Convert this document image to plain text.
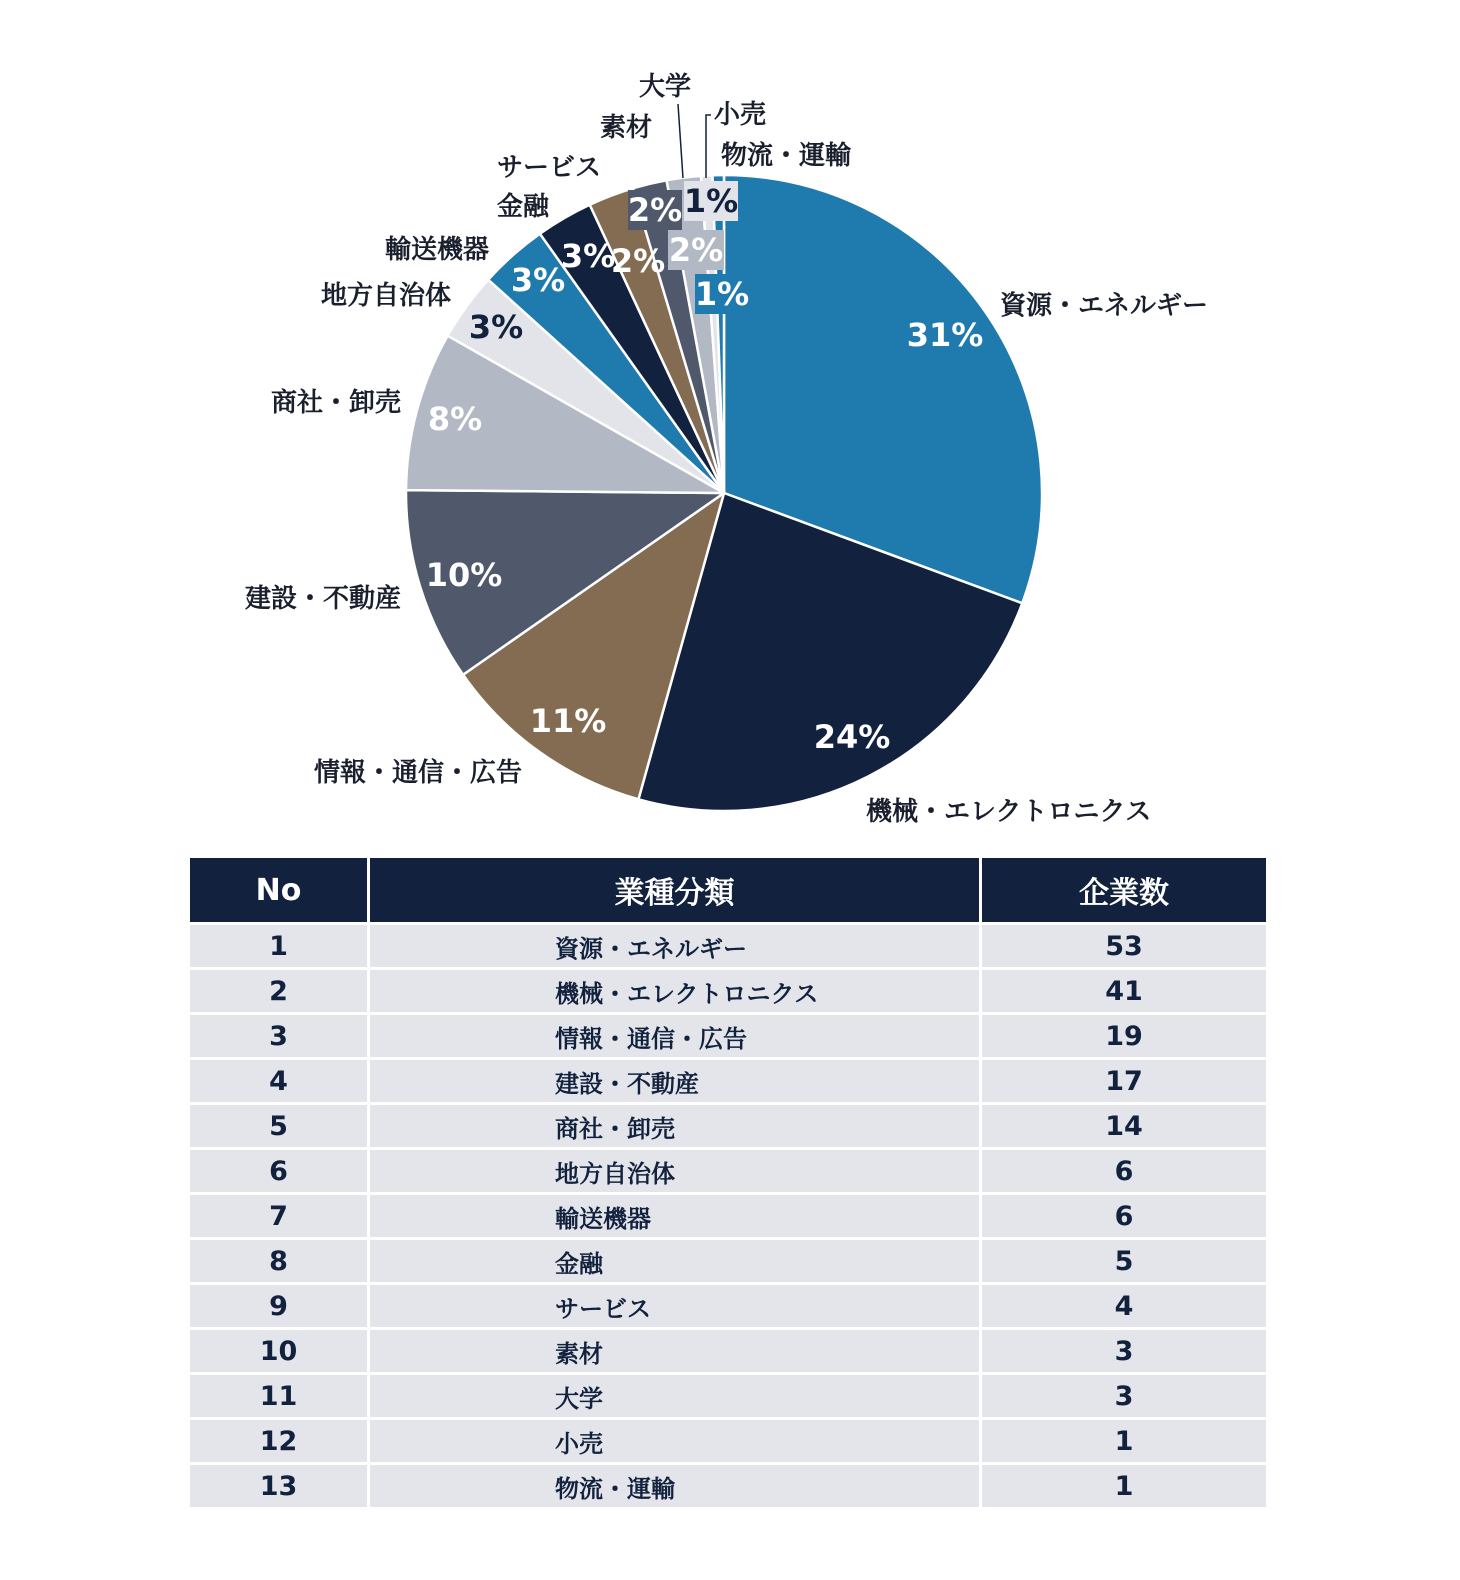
資源・エネルギー
31%
機械・エレクトロニクス
24%
情報・通信・広告
11%
建設・不動産
10%
商社・卸売 8%
地方自治体
3%
輸送機器
3%
金融
3%
サービス
2%
素材
2%
大学
2%
小売
1%
物流・運輸
1%
No	業種分類	企業数
1	資源・エネルギー	53
2	機械・エレクトロニクス	41
3	情報・通信・広告	19
4	建設・不動産	17
5	商社・卸売	14
6	地方自治体	6
7	輸送機器	6
8	金融	5
9	サービス	4
10	素材	3
11	大学	3
12	小売	1
13	物流・運輸	1
